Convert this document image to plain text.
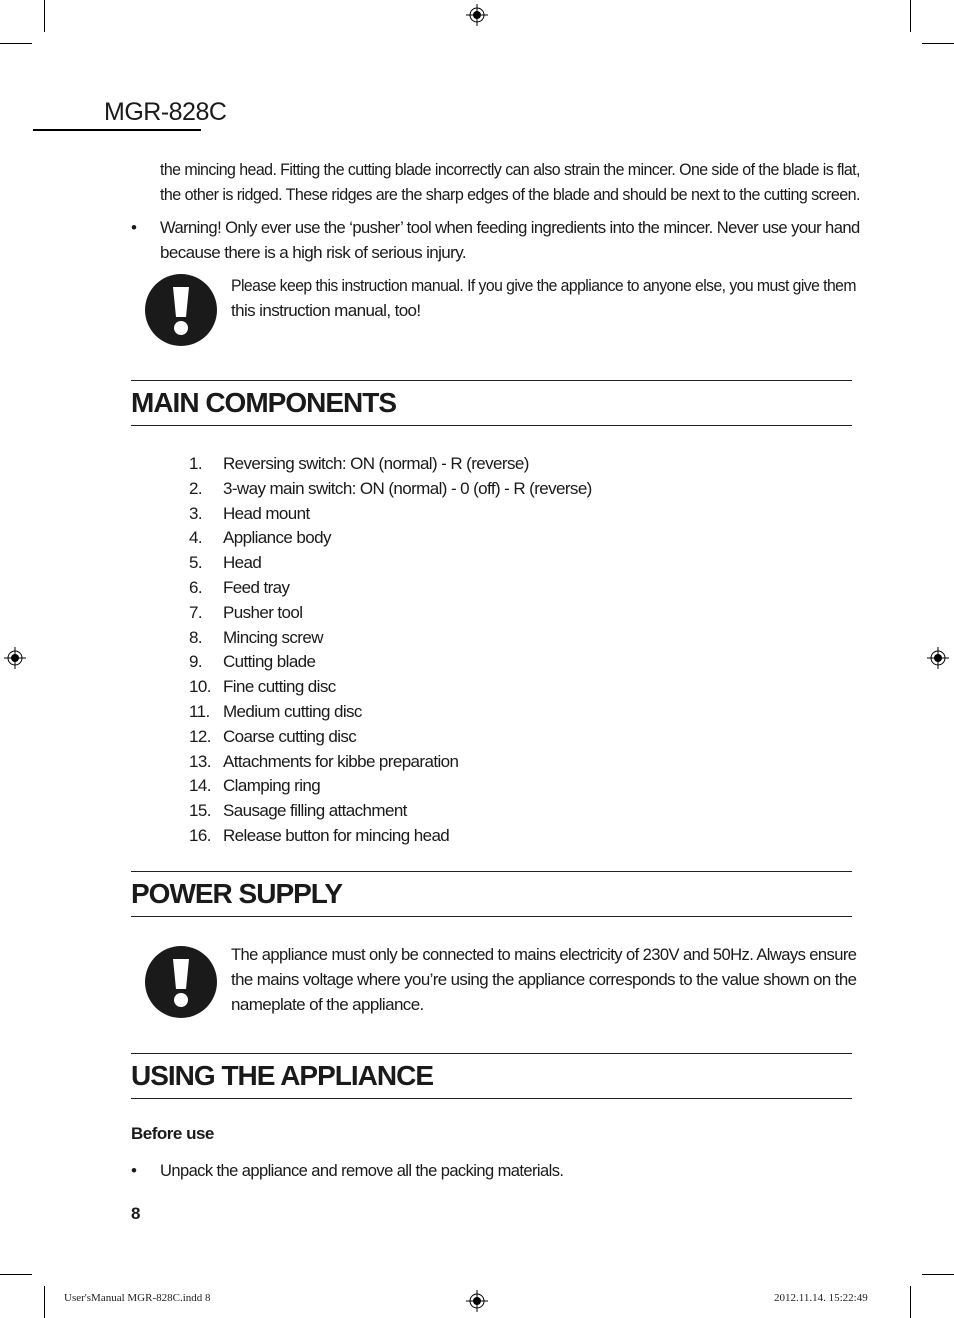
MGR-828C
the mincing head. Fitting the cutting blade incorrectly can also strain the mincer. One side of the blade is flat, the other is ridged. These ridges are the sharp edges of the blade and should be next to the cutting screen.
• Warning! Only ever use the ‘pusher’ tool when feeding ingredients into the mincer. Never use your hand because there is a high risk of serious injury.
Please keep this instruction manual. If you give the appliance to anyone else, you must give them this instruction manual, too!
MAIN COMPONENTS
1.	Reversing switch: ON (normal) - R (reverse)
2.	3-way main switch: ON (normal) - 0 (off) - R (reverse)
3.	Head mount
4.	Appliance body
5.	Head
6.	Feed tray
7.	Pusher tool
8.	Mincing screw
9.	Cutting blade
10. Fine cutting disc
11. Medium cutting disc
12. Coarse cutting disc
13. Attachments for kibbe preparation
14. Clamping ring
15. Sausage filling attachment
16. Release button for mincing head
POWER SUPPLY
The appliance must only be connected to mains electricity of 230V and 50Hz. Always ensure the mains voltage where you’re using the appliance corresponds to the value shown on the nameplate of the appliance.
USING THE APPLIANCE
Before use
• Unpack the appliance and remove all the packing materials.
8
User'sManual MGR-828C.indd 8	2012.11.14. 15:22:49
